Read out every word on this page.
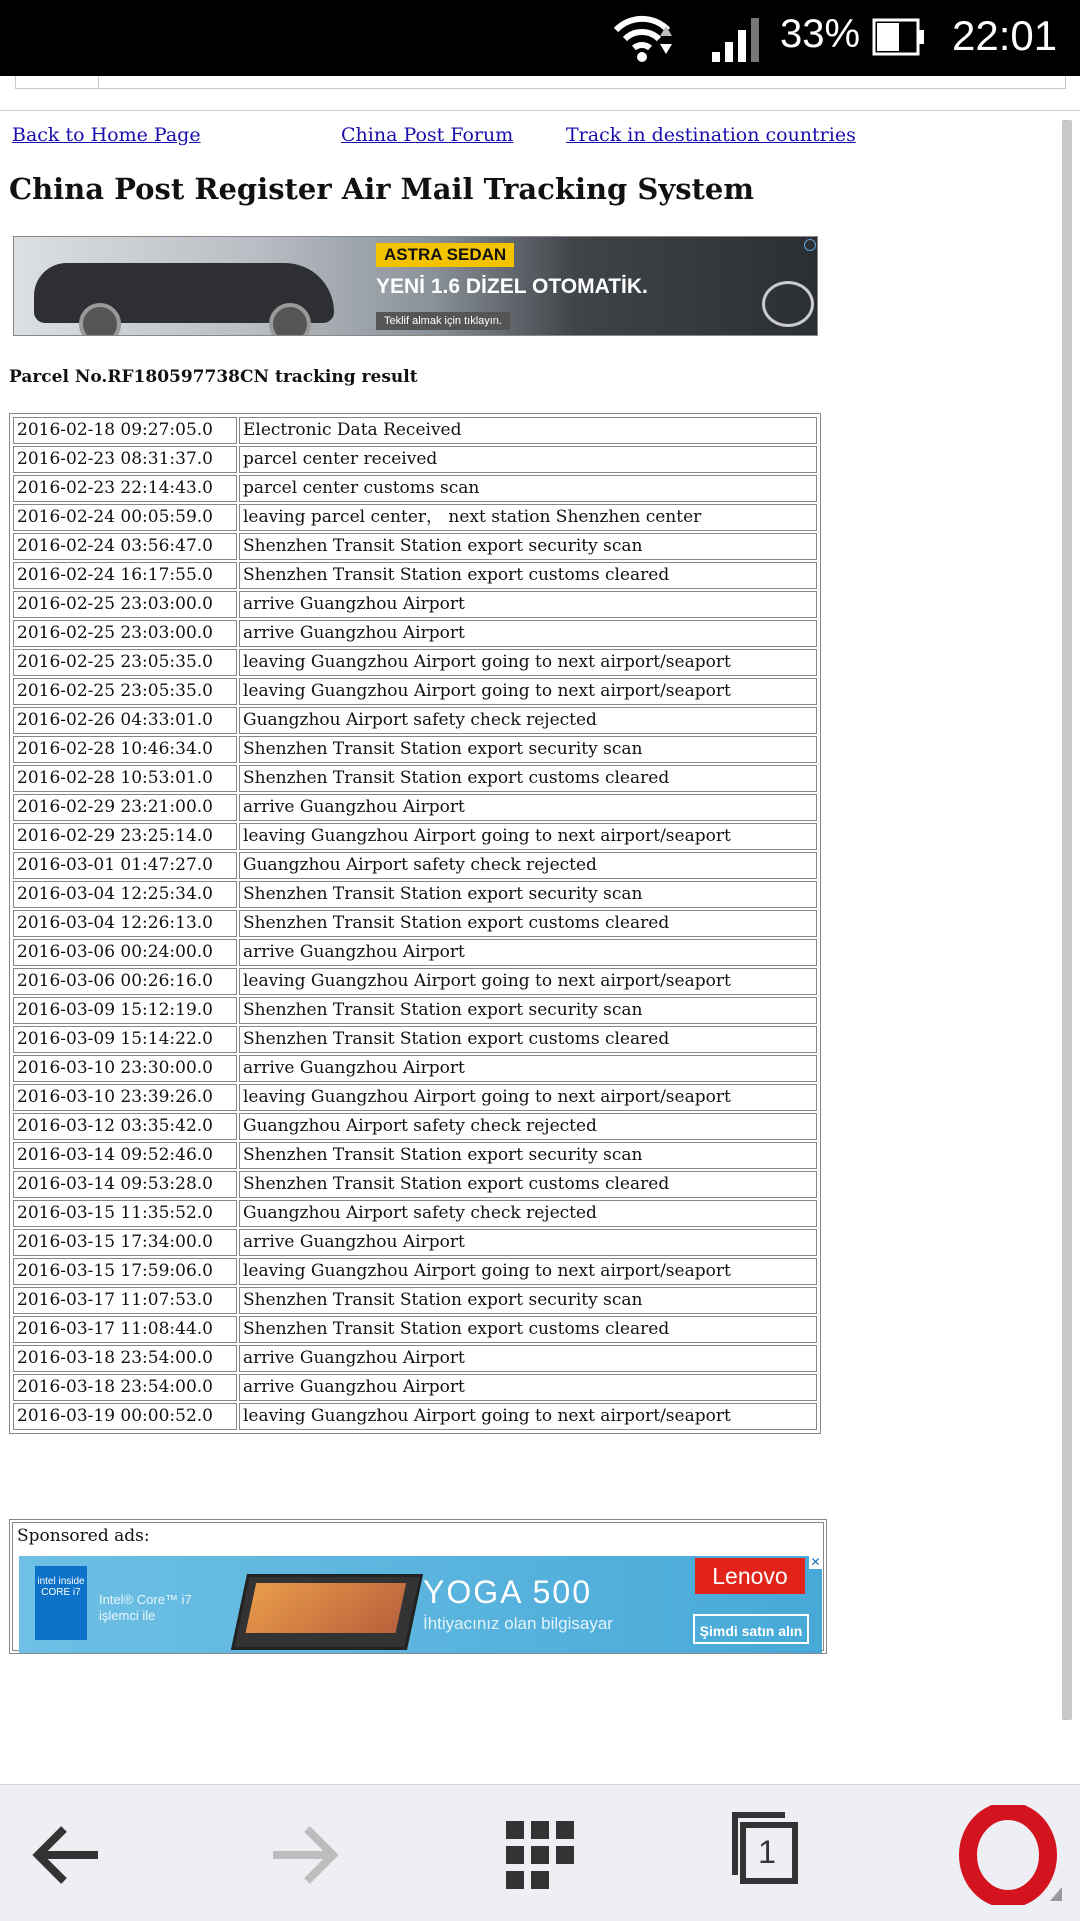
33% 22:01
Back to Home Page	China Post Forum	Track in destination countries
China Post Register Air Mail Tracking System
ASTRA SEDAN
YENİ 1.6 DİZEL OTOMATİK.
Teklif almak için tıklayın.
Parcel No.RF180597738CN tracking result
2016-02-18 09:27:05.0	Electronic Data Received
2016-02-23 08:31:37.0	parcel center received
2016-02-23 22:14:43.0	parcel center customs scan
2016-02-24 00:05:59.0	leaving parcel center， next station Shenzhen center
2016-02-24 03:56:47.0	Shenzhen Transit Station export security scan
2016-02-24 16:17:55.0	Shenzhen Transit Station export customs cleared
2016-02-25 23:03:00.0	arrive Guangzhou Airport
2016-02-25 23:03:00.0	arrive Guangzhou Airport
2016-02-25 23:05:35.0	leaving Guangzhou Airport going to next airport/seaport
2016-02-25 23:05:35.0	leaving Guangzhou Airport going to next airport/seaport
2016-02-26 04:33:01.0	Guangzhou Airport safety check rejected
2016-02-28 10:46:34.0	Shenzhen Transit Station export security scan
2016-02-28 10:53:01.0	Shenzhen Transit Station export customs cleared
2016-02-29 23:21:00.0	arrive Guangzhou Airport
2016-02-29 23:25:14.0	leaving Guangzhou Airport going to next airport/seaport
2016-03-01 01:47:27.0	Guangzhou Airport safety check rejected
2016-03-04 12:25:34.0	Shenzhen Transit Station export security scan
2016-03-04 12:26:13.0	Shenzhen Transit Station export customs cleared
2016-03-06 00:24:00.0	arrive Guangzhou Airport
2016-03-06 00:26:16.0	leaving Guangzhou Airport going to next airport/seaport
2016-03-09 15:12:19.0	Shenzhen Transit Station export security scan
2016-03-09 15:14:22.0	Shenzhen Transit Station export customs cleared
2016-03-10 23:30:00.0	arrive Guangzhou Airport
2016-03-10 23:39:26.0	leaving Guangzhou Airport going to next airport/seaport
2016-03-12 03:35:42.0	Guangzhou Airport safety check rejected
2016-03-14 09:52:46.0	Shenzhen Transit Station export security scan
2016-03-14 09:53:28.0	Shenzhen Transit Station export customs cleared
2016-03-15 11:35:52.0	Guangzhou Airport safety check rejected
2016-03-15 17:34:00.0	arrive Guangzhou Airport
2016-03-15 17:59:06.0	leaving Guangzhou Airport going to next airport/seaport
2016-03-17 11:07:53.0	Shenzhen Transit Station export security scan
2016-03-17 11:08:44.0	Shenzhen Transit Station export customs cleared
2016-03-18 23:54:00.0	arrive Guangzhou Airport
2016-03-18 23:54:00.0	arrive Guangzhou Airport
2016-03-19 00:00:52.0	leaving Guangzhou Airport going to next airport/seaport
Sponsored ads:
intel inside CORE i7	Intel® Core™ i7 işlemci ile
YOGA 500
İhtiyacınız olan bilgisayar
Lenovo
Şimdi satın alın
✕
1
